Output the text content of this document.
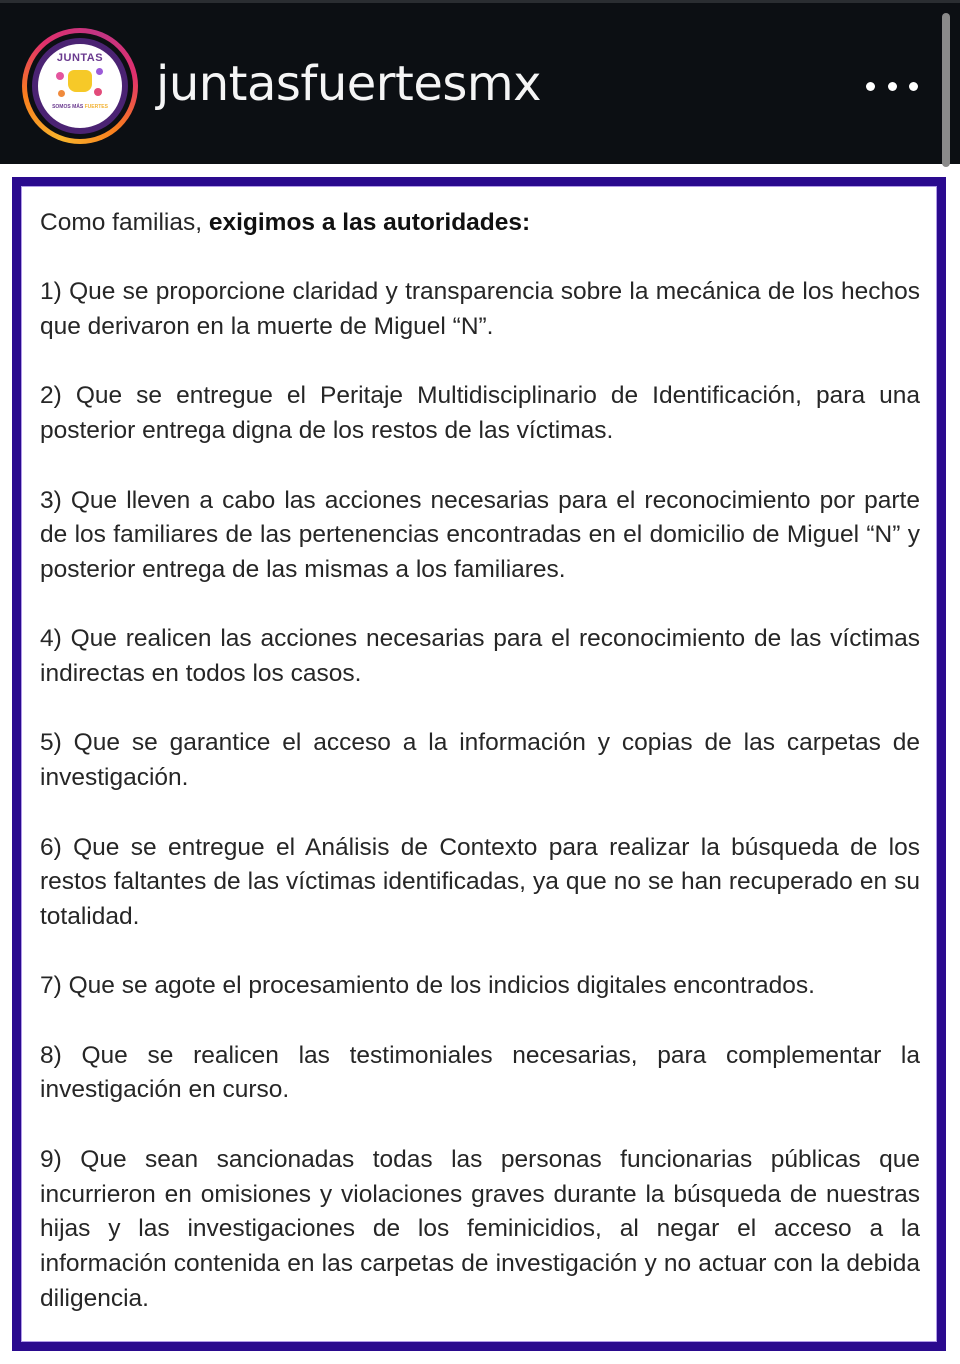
JUNTAS
SOMOS MÁS FUERTES juntasfuertesmx

Como familias, exigimos a las autoridades:

1) Que se proporcione claridad y transparencia sobre la mecánica de los hechos que derivaron en la muerte de Miguel “N”.

2) Que se entregue el Peritaje Multidisciplinario de Identificación, para una posterior entrega digna de los restos de las víctimas.

3) Que lleven a cabo las acciones necesarias para el reconocimiento por parte de los familiares de las pertenencias encontradas en el domicilio de Miguel “N” y posterior entrega de las mismas a los familiares.

4) Que realicen las acciones necesarias para el reconocimiento de las víctimas indirectas en todos los casos.

5) Que se garantice el acceso a la información y copias de las carpetas de investigación.

6) Que se entregue el Análisis de Contexto para realizar la búsqueda de los restos faltantes de las víctimas identificadas, ya que no se han recuperado en su totalidad.

7) Que se agote el procesamiento de los indicios digitales encontrados.

8) Que se realicen las testimoniales necesarias, para complementar la investigación en curso.

9) Que sean sancionadas todas las personas funcionarias públicas que incurrieron en omisiones y violaciones graves durante la búsqueda de nuestras hijas y las investigaciones de los feminicidios, al negar el acceso a la información contenida en las carpetas de investigación y no actuar con la debida diligencia.
